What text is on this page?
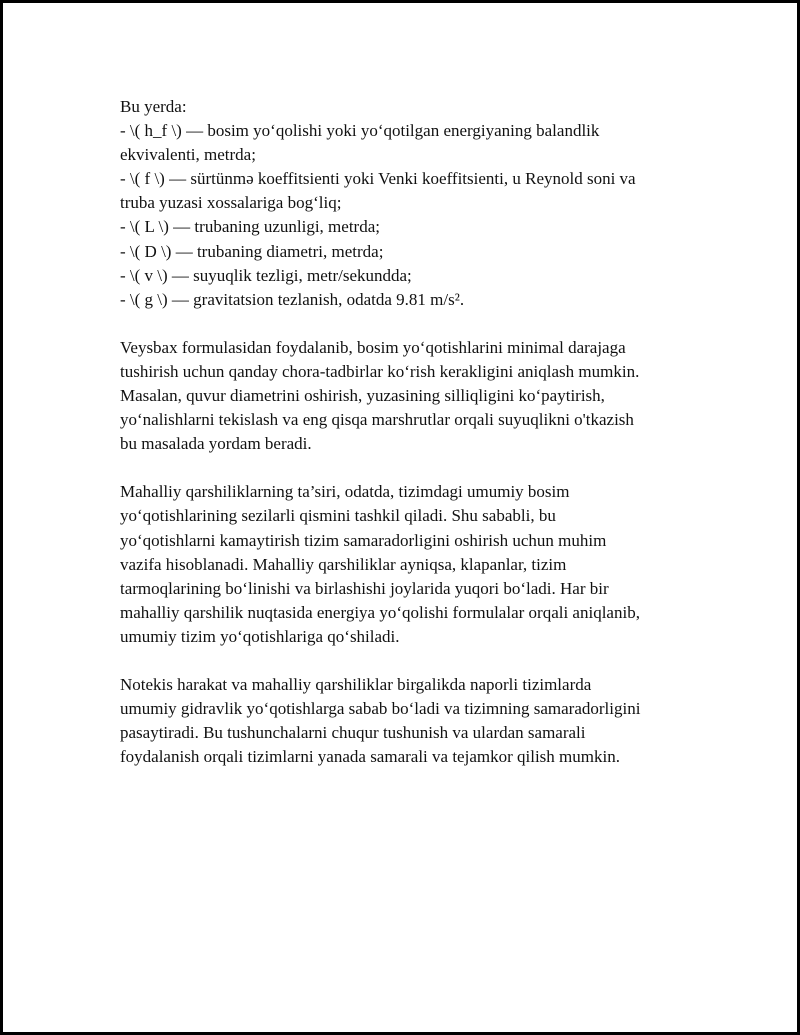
Bu yerda:
- \( h_f \) — bosim yo‘qolishi yoki yo‘qotilgan energiyaning balandlik
ekvivalenti, metrda;
- \( f \) — sürtünmə koeffitsienti yoki Venki koeffitsienti, u Reynold soni va
truba yuzasi xossalariga bog‘liq;
- \( L \) — trubaning uzunligi, metrda;
- \( D \) — trubaning diametri, metrda;
- \( v \) — suyuqlik tezligi, metr/sekundda;
- \( g \) — gravitatsion tezlanish, odatda 9.81 m/s².

Veysbax formulasidan foydalanib, bosim yo‘qotishlarini minimal darajaga
tushirish uchun qanday chora-tadbirlar ko‘rish kerakligini aniqlash mumkin.
Masalan, quvur diametrini oshirish, yuzasining silliqligini ko‘paytirish,
yo‘nalishlarni tekislash va eng qisqa marshrutlar orqali suyuqlikni o'tkazish
bu masalada yordam beradi.

Mahalliy qarshiliklarning ta’siri, odatda, tizimdagi umumiy bosim
yo‘qotishlarining sezilarli qismini tashkil qiladi. Shu sababli, bu
yo‘qotishlarni kamaytirish tizim samaradorligini oshirish uchun muhim
vazifa hisoblanadi. Mahalliy qarshiliklar ayniqsa, klapanlar, tizim
tarmoqlarining bo‘linishi va birlashishi joylarida yuqori bo‘ladi. Har bir
mahalliy qarshilik nuqtasida energiya yo‘qolishi formulalar orqali aniqlanib,
umumiy tizim yo‘qotishlariga qo‘shiladi.

Notekis harakat va mahalliy qarshiliklar birgalikda naporli tizimlarda
umumiy gidravlik yo‘qotishlarga sabab bo‘ladi va tizimning samaradorligini
pasaytiradi. Bu tushunchalarni chuqur tushunish va ulardan samarali
foydalanish orqali tizimlarni yanada samarali va tejamkor qilish mumkin.
